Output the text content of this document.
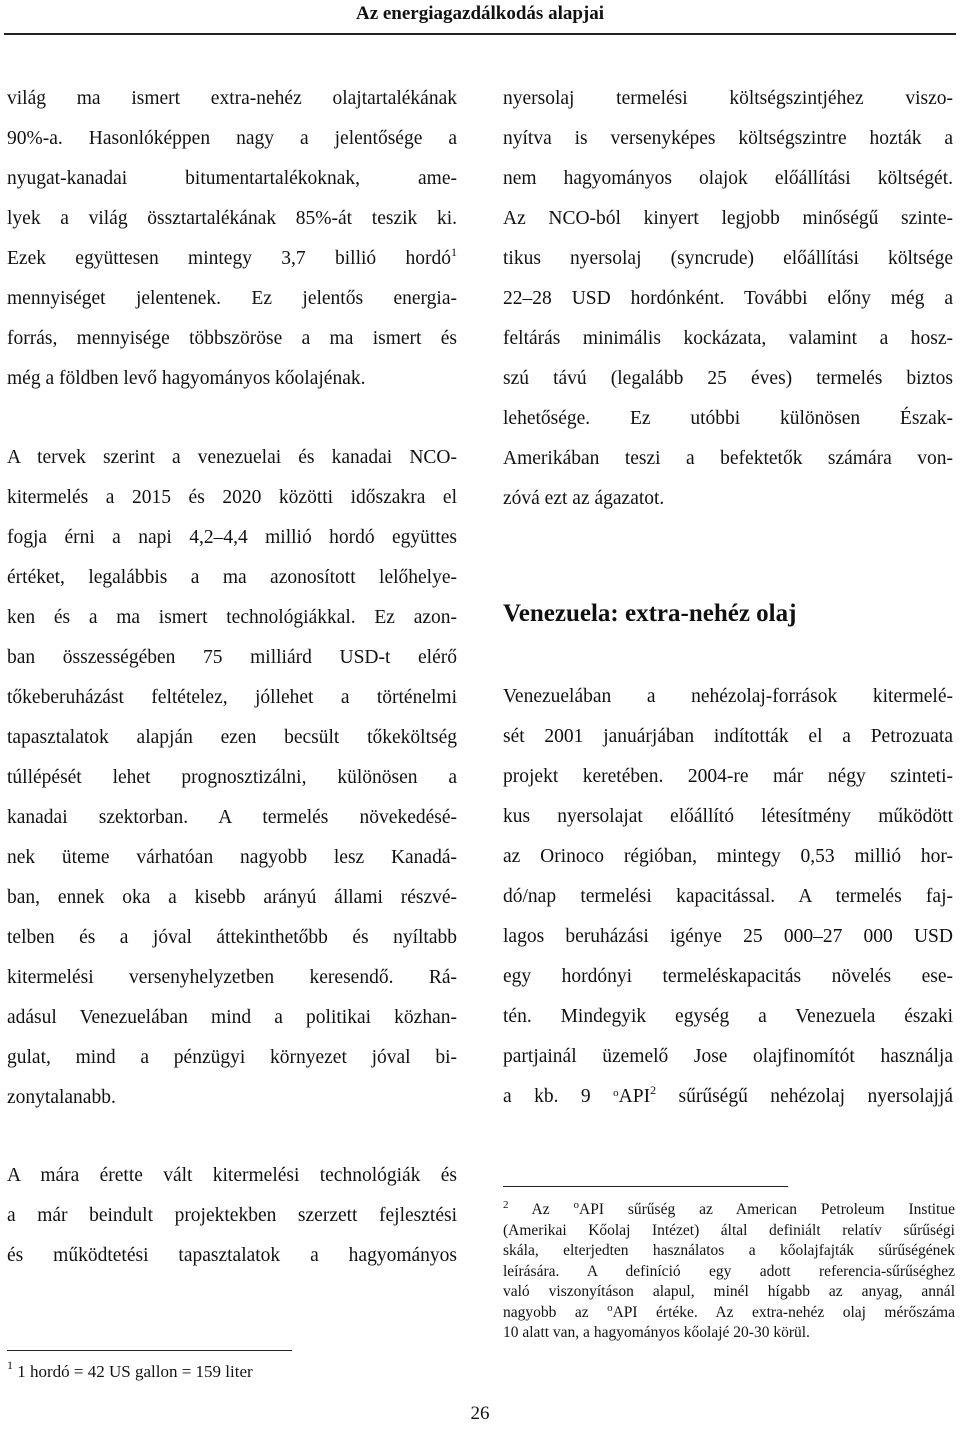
Az energiagazdálkodás alapjai
világ ma ismert extra-nehéz olajtartalékának
90%-a. Hasonlóképpen nagy a jelentősége a
nyugat-kanadai bitumentartalékoknak, ame-
lyek a világ össztartalékának 85%-át teszik ki.
Ezek együttesen mintegy 3,7 billió hordó$^1$
mennyiséget jelentenek. Ez jelentős energia-
forrás, mennyisége többszöröse a ma ismert és
még a földben levő hagyományos kőolajénak.
A tervek szerint a venezuelai és kanadai NCO-
kitermelés a 2015 és 2020 közötti időszakra el
fogja érni a napi 4,2–4,4 millió hordó együttes
értéket, legalábbis a ma azonosított lelőhelye-
ken és a ma ismert technológiákkal. Ez azon-
ban összességében 75 milliárd USD-t elérő
tőkeberuházást feltételez, jóllehet a történelmi
tapasztalatok alapján ezen becsült tőkeköltség
túllépését lehet prognosztizálni, különösen a
kanadai szektorban. A termelés növekedésé-
nek üteme várhatóan nagyobb lesz Kanadá-
ban, ennek oka a kisebb arányú állami részvé-
telben és a jóval áttekinthetőbb és nyíltabb
kitermelési versenyhelyzetben keresendő. Rá-
adásul Venezuelában mind a politikai közhan-
gulat, mind a pénzügyi környezet jóval bi-
zonytalanabb.
A mára érette vált kitermelési technológiák és
a már beindult projektekben szerzett fejlesztési
és működtetési tapasztalatok a hagyományos
nyersolaj termelési költségszintjéhez viszo-
nyítva is versenyképes költségszintre hozták a
nem hagyományos olajok előállítási költségét.
Az NCO-ból kinyert legjobb minőségű szinte-
tikus nyersolaj (syncrude) előállítási költsége
22–28 USD hordónként. További előny még a
feltárás minimális kockázata, valamint a hosz-
szú távú (legalább 25 éves) termelés biztos
lehetősége. Ez utóbbi különösen Észak-
Amerikában teszi a befektetők számára von-
zóvá ezt az ágazatot.
Venezuela: extra-nehéz olaj
Venezuelában a nehézolaj-források kitermelé-
sét 2001 januárjában indították el a Petrozuata
projekt keretében. 2004-re már négy szinteti-
kus nyersolajat előállító létesítmény működött
az Orinoco régióban, mintegy 0,53 millió hor-
dó/nap termelési kapacitással. A termelés faj-
lagos beruházási igénye 25 000–27 000 USD
egy hordónyi termeléskapacitás növelés ese-
tén. Mindegyik egység a Venezuela északi
partjainál üzemelő Jose olajfinomítót használja
a kb. 9 $^o$API$^2$ sűrűségű nehézolaj nyersolajjá
$^1$ 1 hordó = 42 US gallon = 159 liter
$^2$ Az $^o$API sűrűség az American Petroleum Institue
(Amerikai Kőolaj Intézet) által definiált relatív sűrűségi
skála, elterjedten használatos a kőolajfajták sűrűségének
leírására. A definíció egy adott referencia-sűrűséghez
való viszonyításon alapul, minél hígabb az anyag, annál
nagyobb az $^o$API értéke. Az extra-nehéz olaj mérőszáma
10 alatt van, a hagyományos kőolajé 20-30 körül.
26
